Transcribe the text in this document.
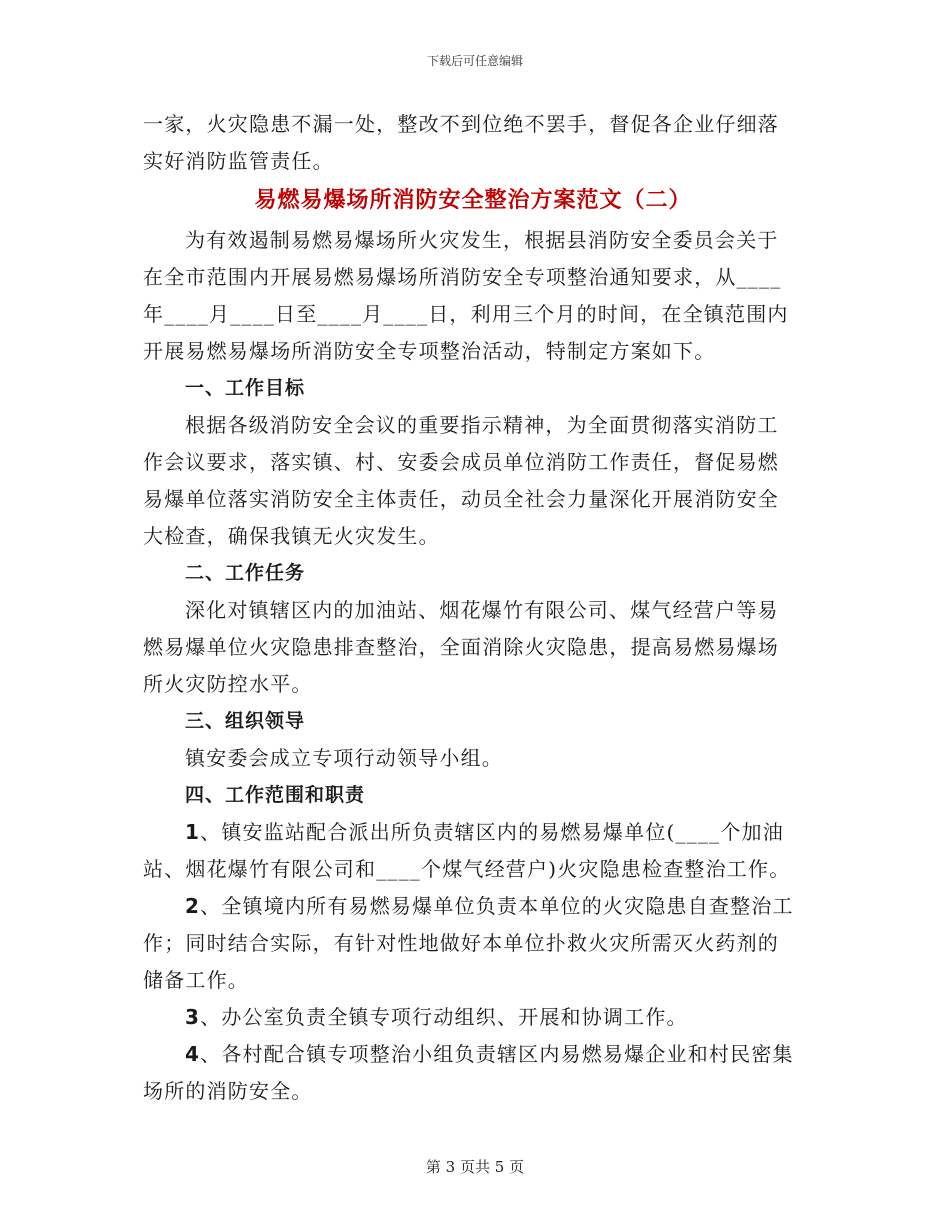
下载后可任意编辑
一家，火灾隐患不漏一处，整改不到位绝不罢手，督促各企业仔细落
实好消防监管责任。
易燃易爆场所消防安全整治方案范文（二）
为有效遏制易燃易爆场所火灾发生，根据县消防安全委员会关于
在全市范围内开展易燃易爆场所消防安全专项整治通知要求，从____
年____月____日至____月____日，利用三个月的时间，在全镇范围内
开展易燃易爆场所消防安全专项整治活动，特制定方案如下。
一、工作目标
根据各级消防安全会议的重要指示精神，为全面贯彻落实消防工
作会议要求，落实镇、村、安委会成员单位消防工作责任，督促易燃
易爆单位落实消防安全主体责任，动员全社会力量深化开展消防安全
大检查，确保我镇无火灾发生。
二、工作任务
深化对镇辖区内的加油站、烟花爆竹有限公司、煤气经营户等易
燃易爆单位火灾隐患排查整治，全面消除火灾隐患，提高易燃易爆场
所火灾防控水平。
三、组织领导
镇安委会成立专项行动领导小组。
四、工作范围和职责
1、镇安监站配合派出所负责辖区内的易燃易爆单位(____个加油
站、烟花爆竹有限公司和____个煤气经营户)火灾隐患检查整治工作。
2、全镇境内所有易燃易爆单位负责本单位的火灾隐患自查整治工
作；同时结合实际，有针对性地做好本单位扑救火灾所需灭火药剂的
储备工作。
3、办公室负责全镇专项行动组织、开展和协调工作。
4、各村配合镇专项整治小组负责辖区内易燃易爆企业和村民密集
场所的消防安全。
第 3 页共 5 页
